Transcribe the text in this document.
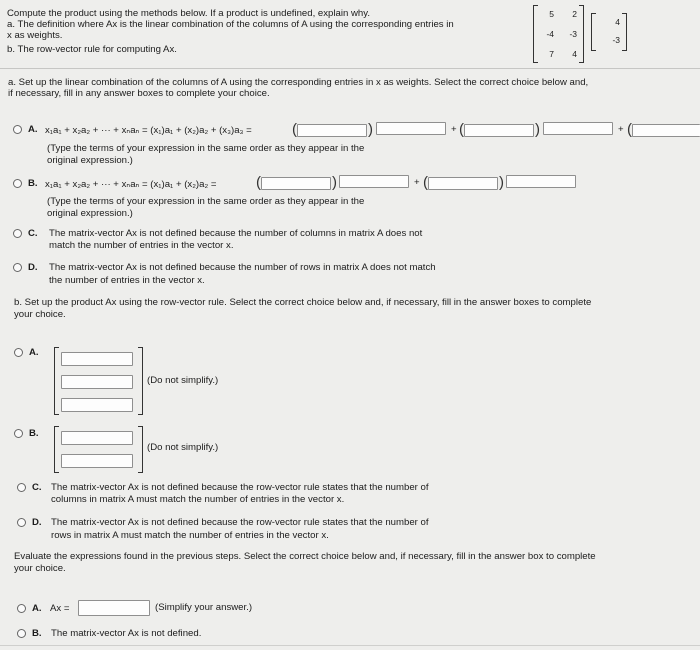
Compute the product using the methods below. If a product is undefined, explain why.
a. The definition where Ax is the linear combination of the columns of A using the corresponding entries in
x as weights.
b. The row-vector rule for computing Ax.
5	2
-4	-3
7	4
4
-3
a. Set up the linear combination of the columns of A using the corresponding entries in x as weights. Select the correct choice below and,
if necessary, fill in any answer boxes to complete your choice.
A. x₁a₁ + x₂a₂ + ··· + xₙaₙ = (x₁)a₁ + (x₂)a₂ + (x₃)a₃ =	(	)	+ (	)	+ (
(Type the terms of your expression in the same order as they appear in the
original expression.)
B. x₁a₁ + x₂a₂ + ··· + xₙaₙ = (x₁)a₁ + (x₂)a₂ =	(	)	+ (	)
(Type the terms of your expression in the same order as they appear in the
original expression.)
C. The matrix-vector Ax is not defined because the number of columns in matrix A does not
match the number of entries in the vector x.
D. The matrix-vector Ax is not defined because the number of rows in matrix A does not match
the number of entries in the vector x.
b. Set up the product Ax using the row-vector rule. Select the correct choice below and, if necessary, fill in the answer boxes to complete
your choice.
A.
(Do not simplify.)
B.
(Do not simplify.)
C. The matrix-vector Ax is not defined because the row-vector rule states that the number of
columns in matrix A must match the number of entries in the vector x.
D. The matrix-vector Ax is not defined because the row-vector rule states that the number of
rows in matrix A must match the number of entries in the vector x.
Evaluate the expressions found in the previous steps. Select the correct choice below and, if necessary, fill in the answer box to complete
your choice.
A. Ax =	(Simplify your answer.)
B. The matrix-vector Ax is not defined.
